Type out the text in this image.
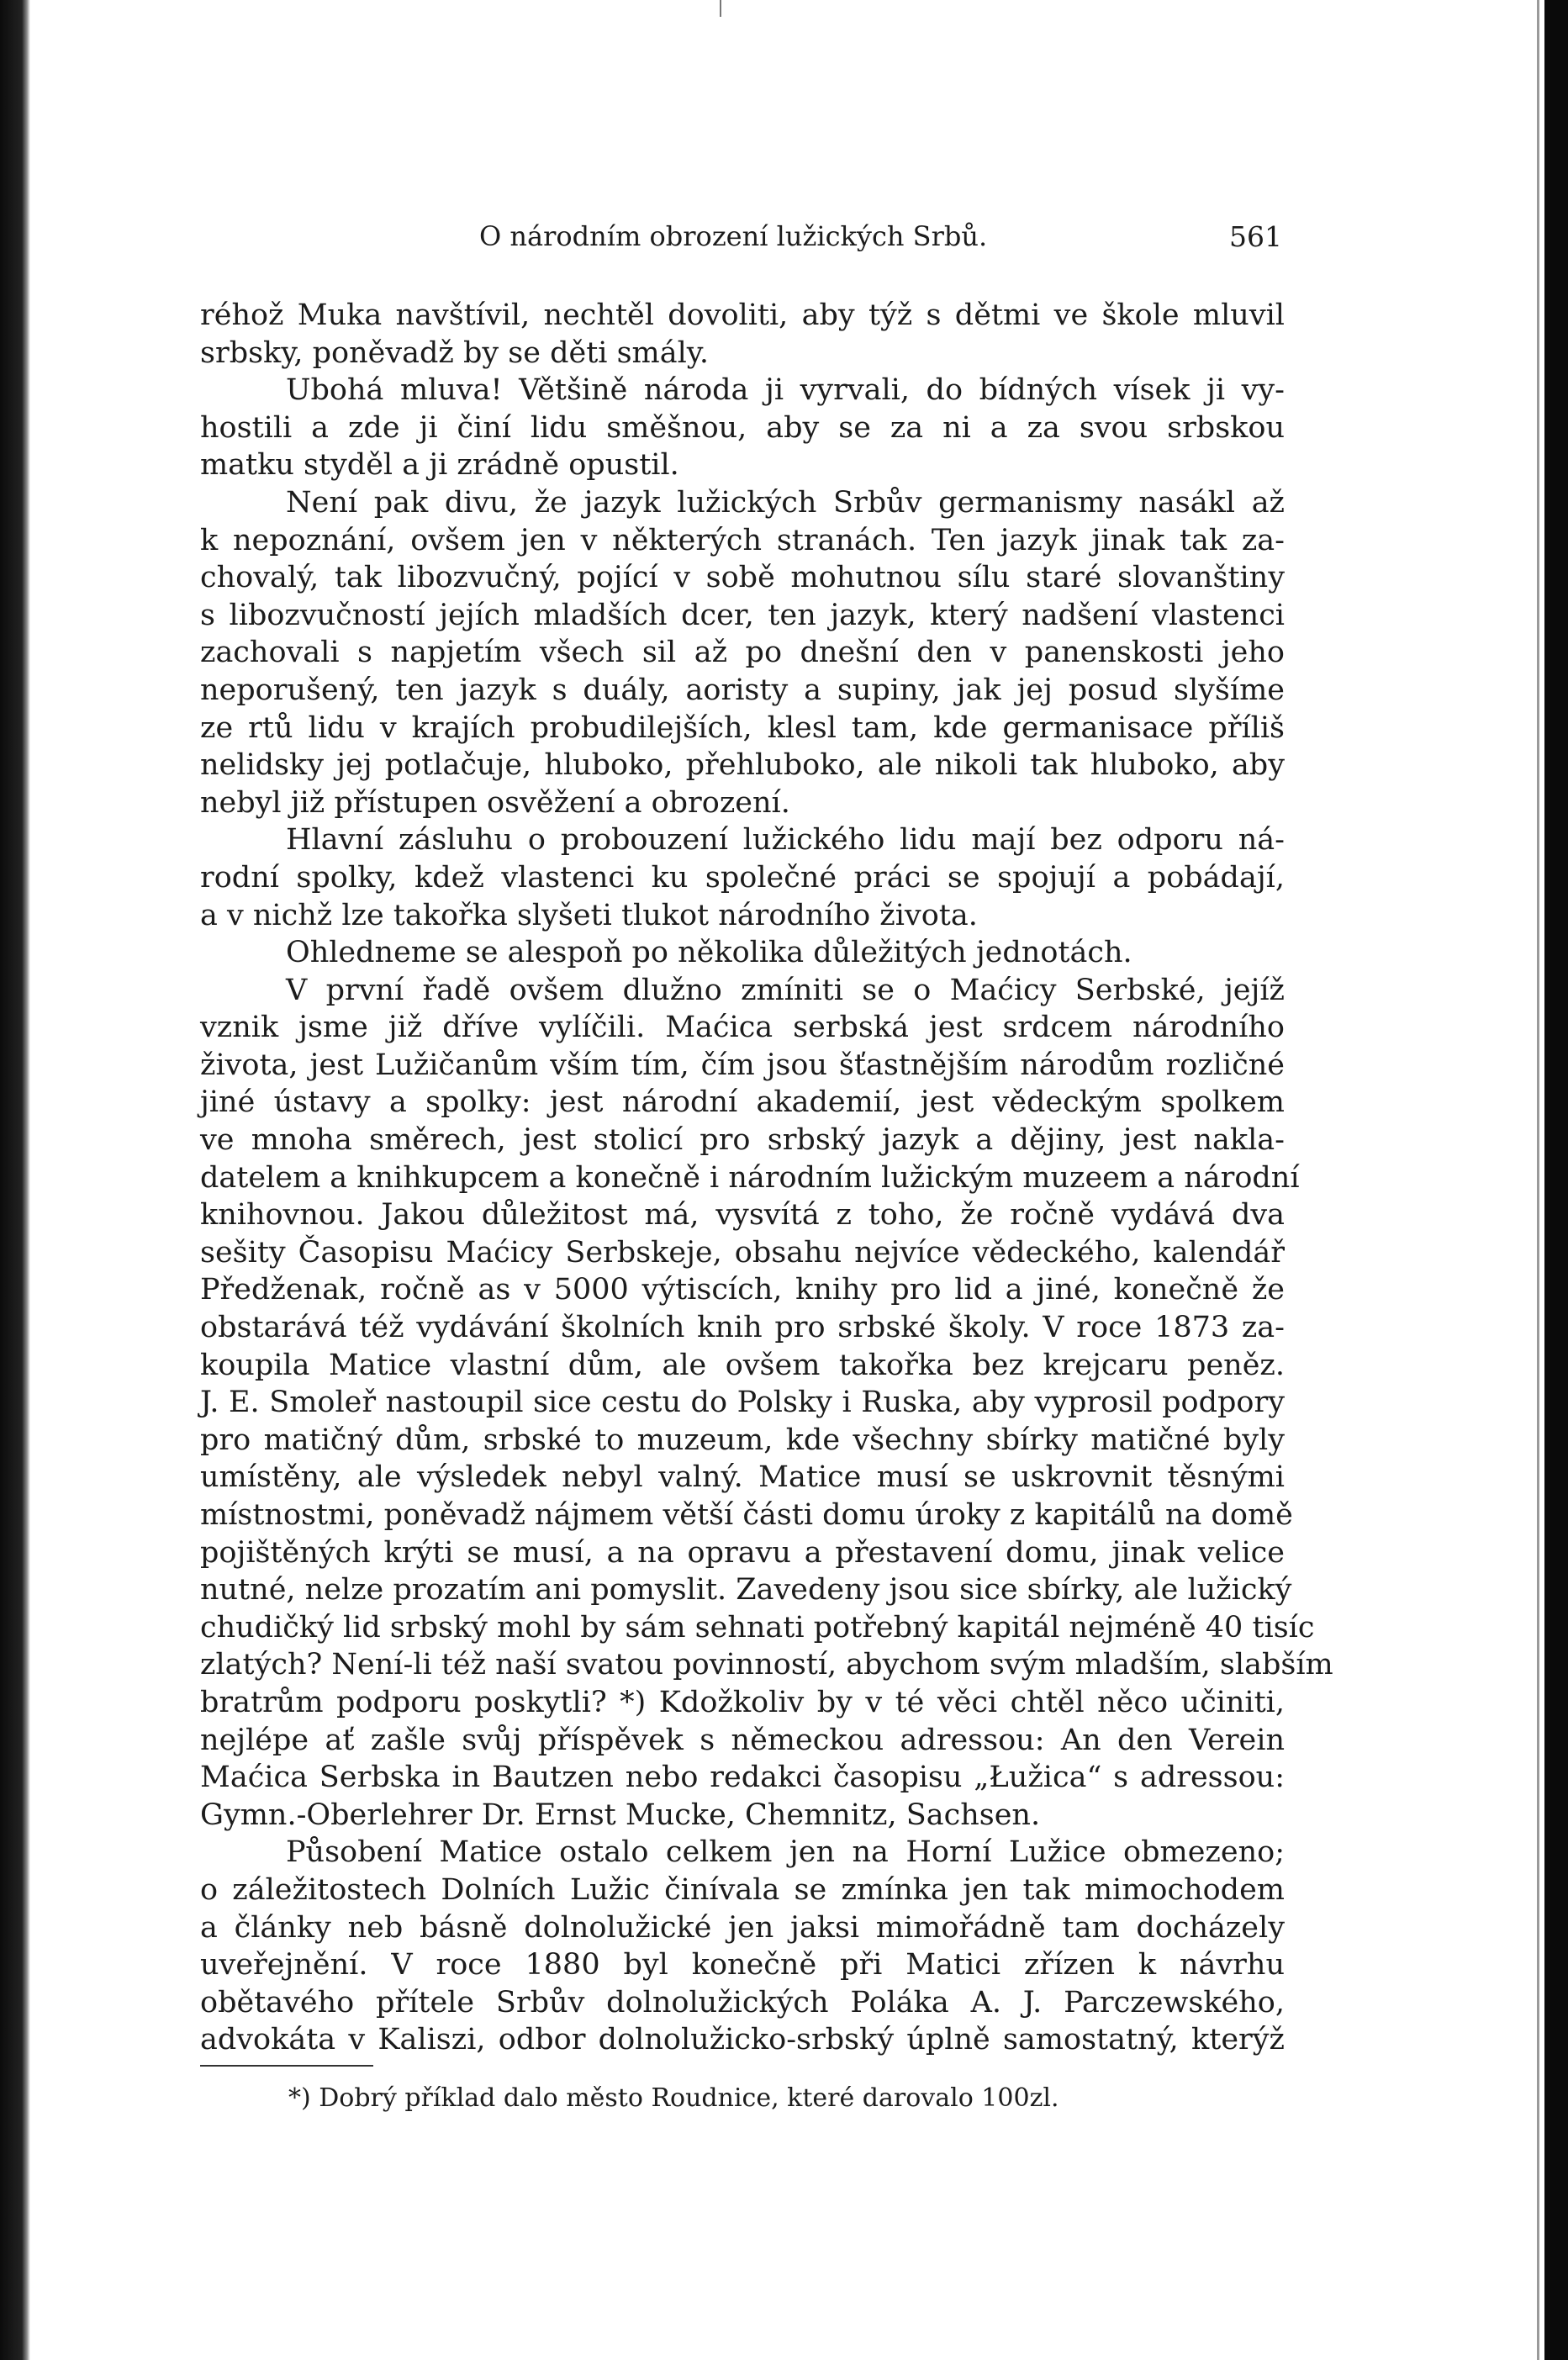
O národním obrození lužických Srbů.	561
réhož Muka navštívil, nechtěl dovoliti, aby týž s dětmi ve škole mluvil
srbsky, poněvadž by se děti smály.
Ubohá mluva! Většině národa ji vyrvali, do bídných vísek ji vy-
hostili a zde ji činí lidu směšnou, aby se za ni a za svou srbskou
matku styděl a ji zrádně opustil.
Není pak divu, že jazyk lužických Srbův germanismy nasákl až
k nepoznání, ovšem jen v některých stranách. Ten jazyk jinak tak za-
chovalý, tak libozvučný, pojící v sobě mohutnou sílu staré slovanštiny
s libozvučností jejích mladších dcer, ten jazyk, který nadšení vlastenci
zachovali s napjetím všech sil až po dnešní den v panenskosti jeho
neporušený, ten jazyk s duály, aoristy a supiny, jak jej posud slyšíme
ze rtů lidu v krajích probudilejších, klesl tam, kde germanisace příliš
nelidsky jej potlačuje, hluboko, přehluboko, ale nikoli tak hluboko, aby
nebyl již přístupen osvěžení a obrození.
Hlavní zásluhu o probouzení lužického lidu mají bez odporu ná-
rodní spolky, kdež vlastenci ku společné práci se spojují a pobádají,
a v nichž lze takořka slyšeti tlukot národního života.
Ohledneme se alespoň po několika důležitých jednotách.
V první řadě ovšem dlužno zmíniti se o Maćicy Serbské, jejíž
vznik jsme již dříve vylíčili. Maćica serbská jest srdcem národního
života, jest Lužičanům vším tím, čím jsou šťastnějším národům rozličné
jiné ústavy a spolky: jest národní akademií, jest vědeckým spolkem
ve mnoha směrech, jest stolicí pro srbský jazyk a dějiny, jest nakla-
datelem a knihkupcem a konečně i národním lužickým muzeem a národní
knihovnou. Jakou důležitost má, vysvítá z toho, že ročně vydává dva
sešity Časopisu Maćicy Serbskeje, obsahu nejvíce vědeckého, kalendář
Předženak, ročně as v 5000 výtiscích, knihy pro lid a jiné, konečně že
obstarává též vydávání školních knih pro srbské školy. V roce 1873 za-
koupila Matice vlastní dům, ale ovšem takořka bez krejcaru peněz.
J. E. Smoleř nastoupil sice cestu do Polsky i Ruska, aby vyprosil podpory
pro matičný dům, srbské to muzeum, kde všechny sbírky matičné byly
umístěny, ale výsledek nebyl valný. Matice musí se uskrovnit těsnými
místnostmi, poněvadž nájmem větší části domu úroky z kapitálů na domě
pojištěných krýti se musí, a na opravu a přestavení domu, jinak velice
nutné, nelze prozatím ani pomyslit. Zavedeny jsou sice sbírky, ale lužický
chudičký lid srbský mohl by sám sehnati potřebný kapitál nejméně 40 tisíc
zlatých? Není-li též naší svatou povinností, abychom svým mladším, slabším
bratrům podporu poskytli? *) Kdožkoliv by v té věci chtěl něco učiniti,
nejlépe ať zašle svůj příspěvek s německou adressou: An den Verein
Maćica Serbska in Bautzen nebo redakci časopisu „Łužica“ s adressou:
Gymn.-Oberlehrer Dr. Ernst Mucke, Chemnitz, Sachsen.
Působení Matice ostalo celkem jen na Horní Lužice obmezeno;
o záležitostech Dolních Lužic činívala se zmínka jen tak mimochodem
a články neb básně dolnolužické jen jaksi mimořádně tam docházely
uveřejnění. V roce 1880 byl konečně při Matici zřízen k návrhu
obětavého přítele Srbův dolnolužických Poláka A. J. Parczewského,
advokáta v Kaliszi, odbor dolnolužicko-srbský úplně samostatný, kterýž
*) Dobrý příklad dalo město Roudnice, které darovalo 100zl.
